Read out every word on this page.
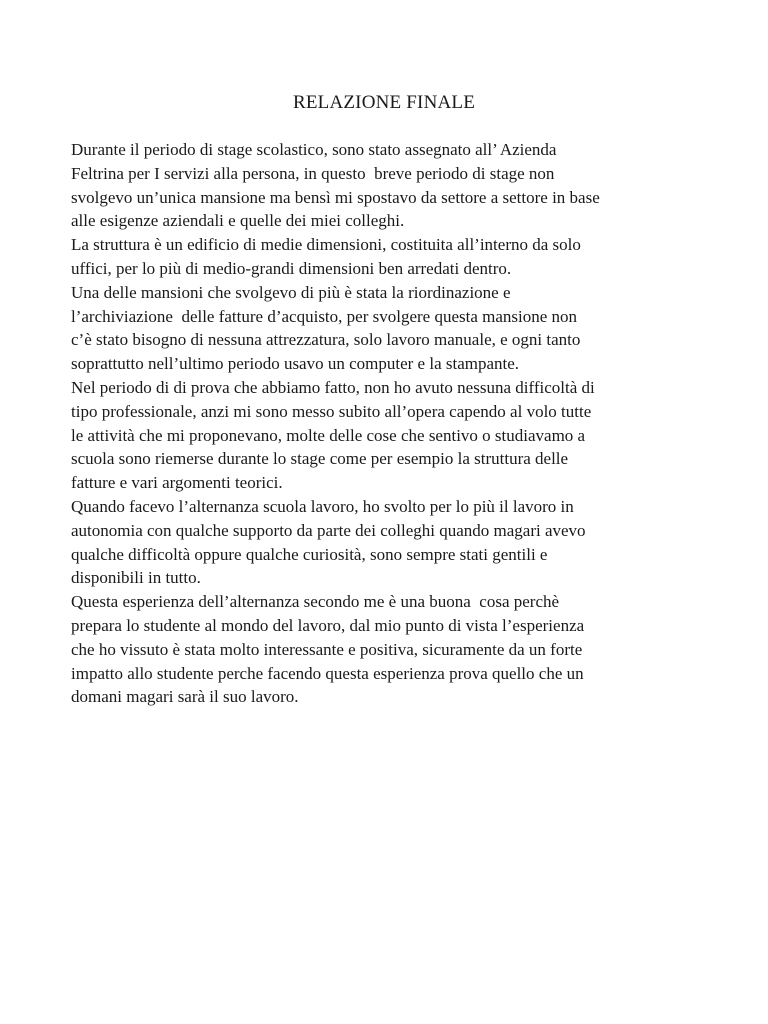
RELAZIONE FINALE
Durante il periodo di stage scolastico, sono stato assegnato all’ Azienda
Feltrina per I servizi alla persona, in questo  breve periodo di stage non
svolgevo un’unica mansione ma bensì mi spostavo da settore a settore in base
alle esigenze aziendali e quelle dei miei colleghi.
La struttura è un edificio di medie dimensioni, costituita all’interno da solo
uffici, per lo più di medio-grandi dimensioni ben arredati dentro.
Una delle mansioni che svolgevo di più è stata la riordinazione e
l’archiviazione  delle fatture d’acquisto, per svolgere questa mansione non
c’è stato bisogno di nessuna attrezzatura, solo lavoro manuale, e ogni tanto
soprattutto nell’ultimo periodo usavo un computer e la stampante.
Nel periodo di di prova che abbiamo fatto, non ho avuto nessuna difficoltà di
tipo professionale, anzi mi sono messo subito all’opera capendo al volo tutte
le attività che mi proponevano, molte delle cose che sentivo o studiavamo a
scuola sono riemerse durante lo stage come per esempio la struttura delle
fatture e vari argomenti teorici.
Quando facevo l’alternanza scuola lavoro, ho svolto per lo più il lavoro in
autonomia con qualche supporto da parte dei colleghi quando magari avevo
qualche difficoltà oppure qualche curiosità, sono sempre stati gentili e
disponibili in tutto.
Questa esperienza dell’alternanza secondo me è una buona  cosa perchè
prepara lo studente al mondo del lavoro, dal mio punto di vista l’esperienza
che ho vissuto è stata molto interessante e positiva, sicuramente da un forte
impatto allo studente perche facendo questa esperienza prova quello che un
domani magari sarà il suo lavoro.
